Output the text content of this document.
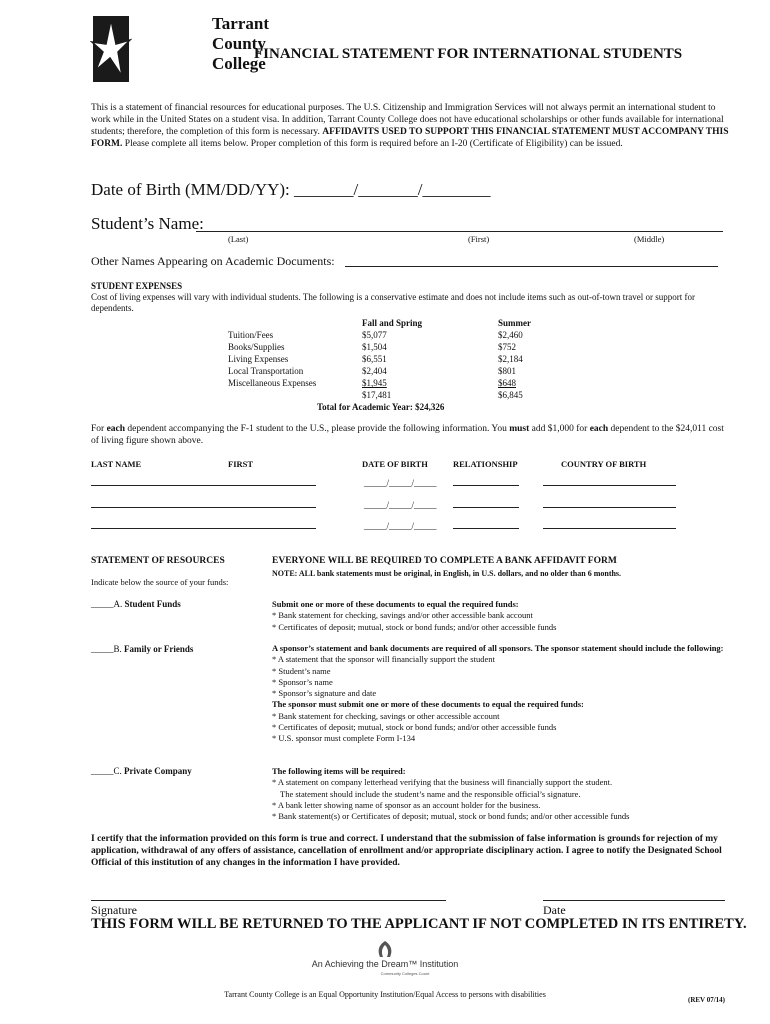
Tarrant
County
College
FINANCIAL STATEMENT FOR INTERNATIONAL STUDENTS
This is a statement of financial resources for educational purposes. The U.S. Citizenship and Immigration Services will not always permit an international student to work while in the United States on a student visa. In addition, Tarrant County College does not have educational scholarships or other funds available for international students; therefore, the completion of this form is necessary. AFFIDAVITS USED TO SUPPORT THIS FINANCIAL STATEMENT MUST ACCOMPANY THIS FORM. Please complete all items below. Proper completion of this form is required before an I-20 (Certificate of Eligibility) can be issued.
Date of Birth (MM/DD/YY): _______/_______/________
Student’s Name:
(Last)	(First)	(Middle)
Other Names Appearing on Academic Documents:
STUDENT EXPENSES
Cost of living expenses will vary with individual students. The following is a conservative estimate and does not include items such as out-of-town travel or support for dependents.
Fall and Spring	Summer
Tuition/Fees	$5,077	$2,460
Books/Supplies	$1,504	$752
Living Expenses	$6,551	$2,184
Local Transportation	$2,404	$801
Miscellaneous Expenses	$1,945	$648
$17,481	$6,845
Total for Academic Year: $24,326
For each dependent accompanying the F-1 student to the U.S., please provide the following information. You must add $1,000 for each dependent to the $24,011 cost of living figure shown above.
LAST NAME	FIRST	DATE OF BIRTH	RELATIONSHIP	COUNTRY OF BIRTH
_____/_____/_____
_____/_____/_____
_____/_____/_____
STATEMENT OF RESOURCES
Indicate below the source of your funds:
EVERYONE WILL BE REQUIRED TO COMPLETE A BANK AFFIDAVIT FORM
NOTE: ALL bank statements must be original, in English, in U.S. dollars, and no older than 6 months.
_____A. Student Funds
_____B. Family or Friends
_____C. Private Company
Submit one or more of these documents to equal the required funds:
* Bank statement for checking, savings and/or other accessible bank account
* Certificates of deposit; mutual, stock or bond funds; and/or other accessible funds
A sponsor’s statement and bank documents are required of all sponsors. The sponsor statement should include the following:
* A statement that the sponsor will financially support the student
* Student’s name
* Sponsor’s name
* Sponsor’s signature and date
The sponsor must submit one or more of these documents to equal the required funds:
* Bank statement for checking, savings or other accessible account
* Certificates of deposit; mutual, stock or bond funds; and/or other accessible funds
* U.S. sponsor must complete Form I-134
The following items will be required:
* A statement on company letterhead verifying that the business will financially support the student.
The statement should include the student’s name and the responsible official’s signature.
* A bank letter showing name of sponsor as an account holder for the business.
* Bank statement(s) or Certificates of deposit; mutual, stock or bond funds; and/or other accessible funds
I certify that the information provided on this form is true and correct. I understand that the submission of false information is grounds for rejection of my application, withdrawal of any offers of assistance, cancellation of enrollment and/or appropriate disciplinary action. I agree to notify the Designated School Official of this institution of any changes in the information I have provided.
Signature	Date
THIS FORM WILL BE RETURNED TO THE APPLICANT IF NOT COMPLETED IN ITS ENTIRETY.
An Achieving the Dream™ Institution
Community Colleges Count
Tarrant County College is an Equal Opportunity Institution/Equal Access to persons with disabilities
(REV 07/14)
